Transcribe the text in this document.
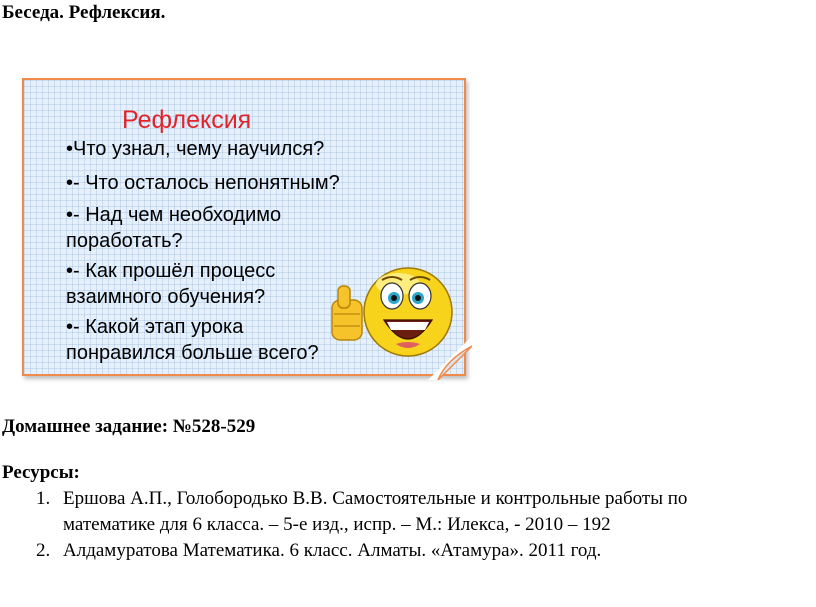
Беседа. Рефлексия.
Рефлексия
•Что узнал, чему научился?
•- Что осталось непонятным?
•- Над чем необходимо
поработать?
•- Как прошёл процесс
взаимного обучения?
•- Какой этап урока
понравился больше всего?
Домашнее задание: №528-529
Ресурсы:
1. Ершова А.П., Голобородько В.В. Самостоятельные и контрольные работы по
математике для 6 класса. – 5-е изд., испр. – М.: Илекса, - 2010 – 192
2. Алдамуратова Математика. 6 класс. Алматы. «Атамура». 2011 год.
